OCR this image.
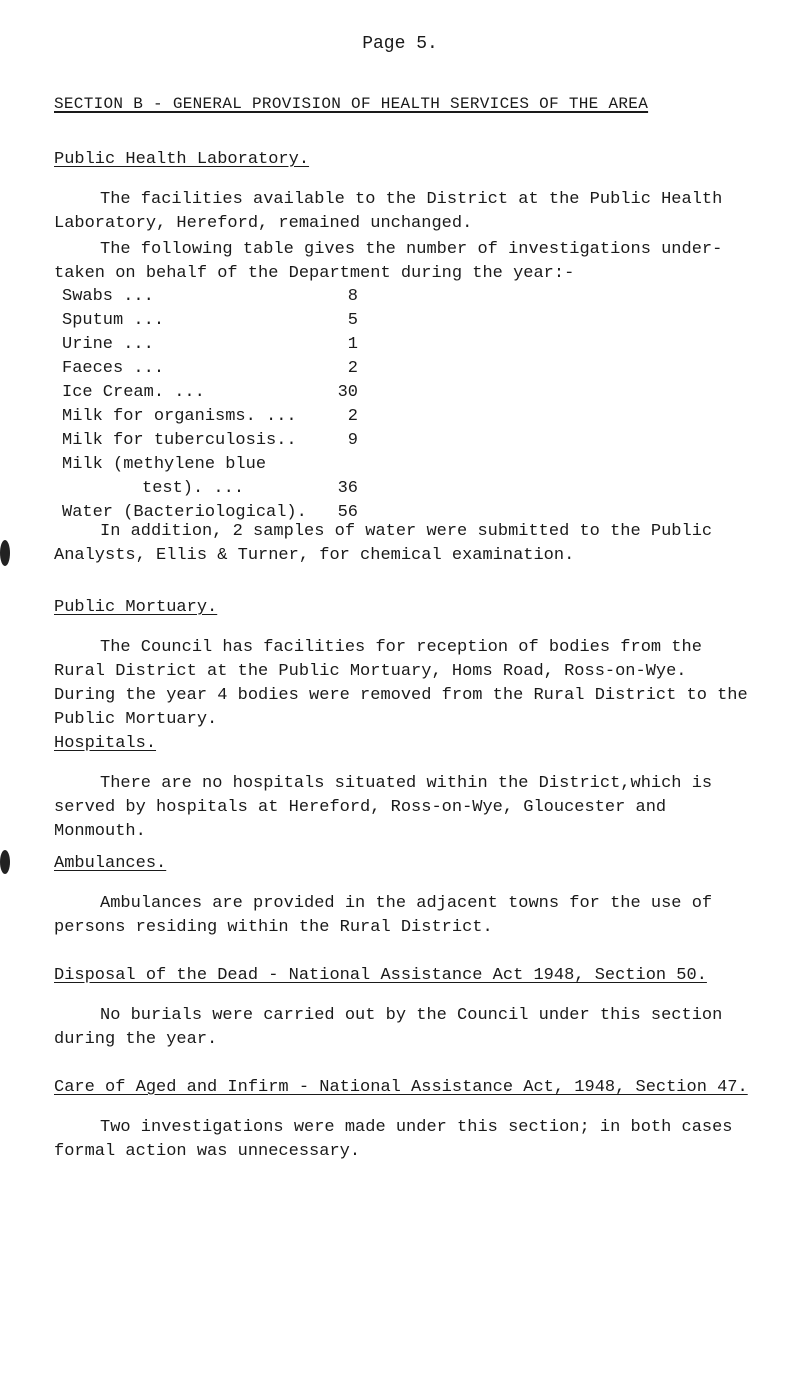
Page 5.
SECTION B - GENERAL PROVISION OF HEALTH SERVICES OF THE AREA
Public Health Laboratory.

The facilities available to the District at the Public Health
Laboratory, Hereford, remained unchanged.

The following table gives the number of investigations under-
taken on behalf of the Department during the year:-

Swabs ...	8
Sputum ...	5
Urine ...	1
Faeces ...	2
Ice Cream. ...	30
Milk for organisms. ...	2
Milk for tuberculosis..	9
Milk (methylene blue
test). ...	36
Water (Bacteriological).	56

In addition, 2 samples of water were submitted to the Public
Analysts, Ellis & Turner, for chemical examination.

Public Mortuary.

The Council has facilities for reception of bodies from the
Rural District at the Public Mortuary, Homs Road, Ross-on-Wye.
During the year 4 bodies were removed from the Rural District to the
Public Mortuary.

Hospitals.

There are no hospitals situated within the District,which is
served by hospitals at Hereford, Ross-on-Wye, Gloucester and
Monmouth.

Ambulances.

Ambulances are provided in the adjacent towns for the use of
persons residing within the Rural District.

Disposal of the Dead - National Assistance Act 1948, Section 50.

No burials were carried out by the Council under this section
during the year.

Care of Aged and Infirm - National Assistance Act, 1948, Section 47.

Two investigations were made under this section; in both cases
formal action was unnecessary.
